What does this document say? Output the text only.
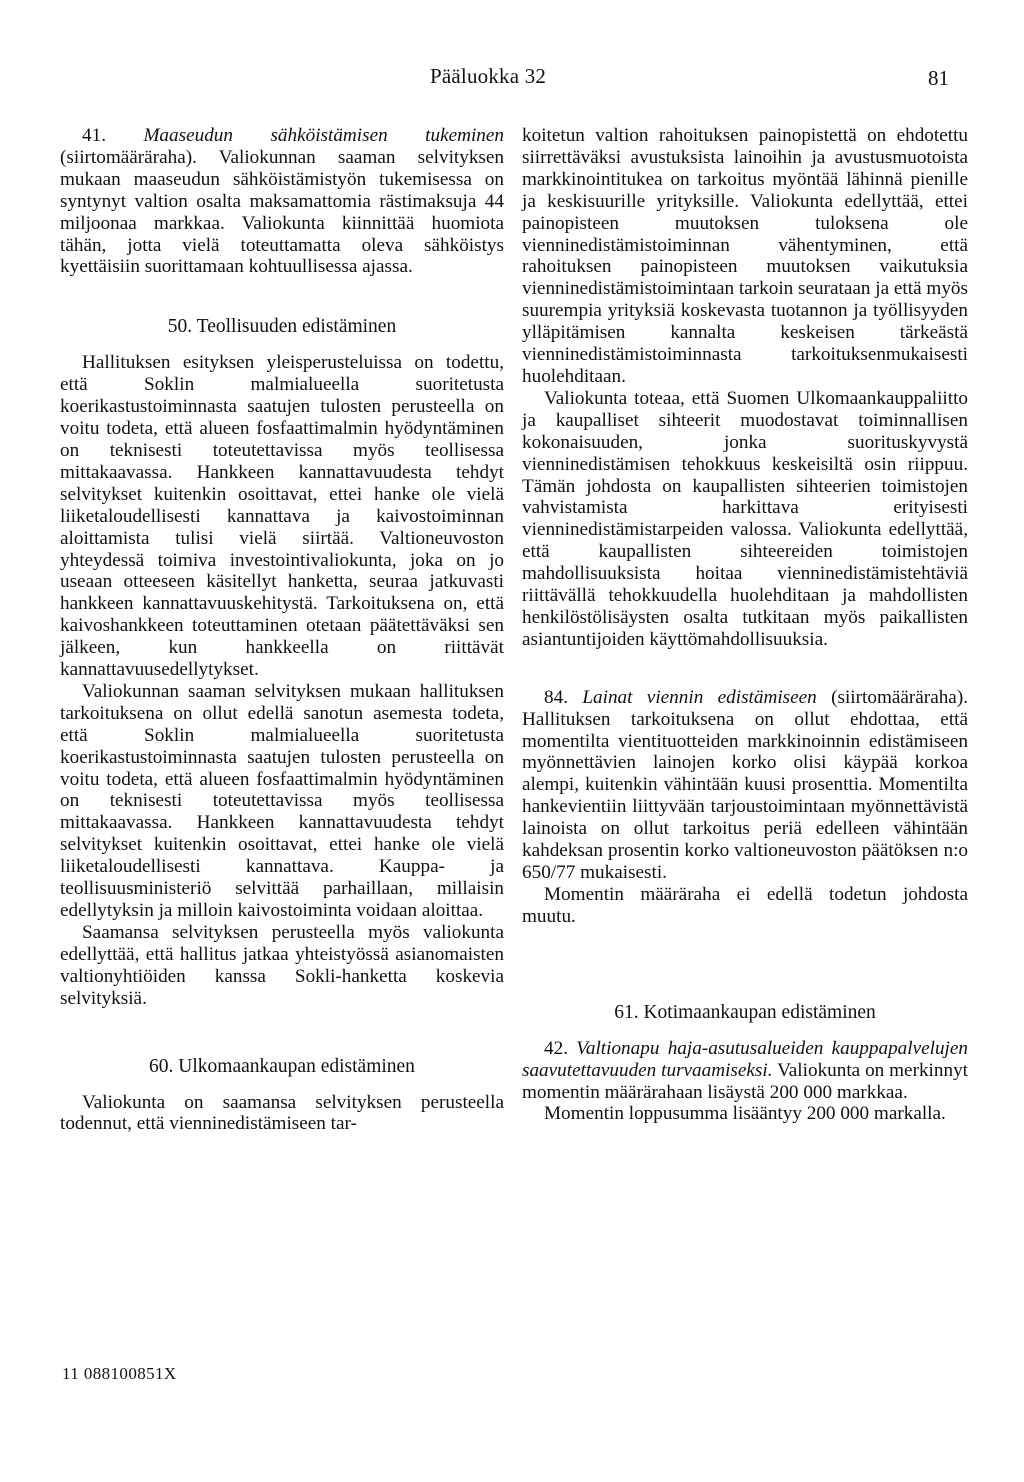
Pääluokka 32	81

41. Maaseudun sähköistämisen tukeminen (siirtomääräraha). Valiokunnan saaman selvityksen mukaan maaseudun sähköistämistyön tukemisessa on syntynyt valtion osalta maksamattomia rästimaksuja 44 miljoonaa markkaa. Valiokunta kiinnittää huomiota tähän, jotta vielä toteuttamatta oleva sähköistys kyettäisiin suorittamaan kohtuullisessa ajassa.

50. Teollisuuden edistäminen

Hallituksen esityksen yleisperusteluissa on todettu, että Soklin malmialueella suoritetusta koerikastustoiminnasta saatujen tulosten perusteella on voitu todeta, että alueen fosfaattimalmin hyödyntäminen on teknisesti toteutettavissa myös teollisessa mittakaavassa. Hankkeen kannattavuudesta tehdyt selvitykset kuitenkin osoittavat, ettei hanke ole vielä liiketaloudellisesti kannattava ja kaivostoiminnan aloittamista tulisi vielä siirtää. Valtioneuvoston yhteydessä toimiva investointivaliokunta, joka on jo useaan otteeseen käsitellyt hanketta, seuraa jatkuvasti hankkeen kannattavuuskehitystä. Tarkoituksena on, että kaivoshankkeen toteuttaminen otetaan päätettäväksi sen jälkeen, kun hankkeella on riittävät kannattavuusedellytykset.

Valiokunnan saaman selvityksen mukaan hallituksen tarkoituksena on ollut edellä sanotun asemesta todeta, että Soklin malmialueella suoritetusta koerikastustoiminnasta saatujen tulosten perusteella on voitu todeta, että alueen fosfaattimalmin hyödyntäminen on teknisesti toteutettavissa myös teollisessa mittakaavassa. Hankkeen kannattavuudesta tehdyt selvitykset kuitenkin osoittavat, ettei hanke ole vielä liiketaloudellisesti kannattava. Kauppa- ja teollisuusministeriö selvittää parhaillaan, millaisin edellytyksin ja milloin kaivostoiminta voidaan aloittaa.

Saamansa selvityksen perusteella myös valiokunta edellyttää, että hallitus jatkaa yhteistyössä asianomaisten valtionyhtiöiden kanssa Sokli-hanketta koskevia selvityksiä.

60. Ulkomaankaupan edistäminen

Valiokunta on saamansa selvityksen perusteella todennut, että vienninedistämiseen tar-

koitetun valtion rahoituksen painopistettä on ehdotettu siirrettäväksi avustuksista lainoihin ja avustusmuotoista markkinointitukea on tarkoitus myöntää lähinnä pienille ja keskisuurille yrityksille. Valiokunta edellyttää, ettei painopisteen muutoksen tuloksena ole vienninedistämistoiminnan vähentyminen, että rahoituksen painopisteen muutoksen vaikutuksia vienninedistämistoimintaan tarkoin seurataan ja että myös suurempia yrityksiä koskevasta tuotannon ja työllisyyden ylläpitämisen kannalta keskeisen tärkeästä vienninedistämistoiminnasta tarkoituksenmukaisesti huolehditaan.

Valiokunta toteaa, että Suomen Ulkomaankauppaliitto ja kaupalliset sihteerit muodostavat toiminnallisen kokonaisuuden, jonka suorituskyvystä vienninedistämisen tehokkuus keskeisiltä osin riippuu. Tämän johdosta on kaupallisten sihteerien toimistojen vahvistamista harkittava erityisesti vienninedistämistarpeiden valossa. Valiokunta edellyttää, että kaupallisten sihteereiden toimistojen mahdollisuuksista hoitaa vienninedistämistehtäviä riittävällä tehokkuudella huolehditaan ja mahdollisten henkilöstölisäysten osalta tutkitaan myös paikallisten asiantuntijoiden käyttömahdollisuuksia.

84. Lainat viennin edistämiseen (siirtomääräraha). Hallituksen tarkoituksena on ollut ehdottaa, että momentilta vientituotteiden markkinoinnin edistämiseen myönnettävien lainojen korko olisi käypää korkoa alempi, kuitenkin vähintään kuusi prosenttia. Momentilta hankevientiin liittyvään tarjoustoimintaan myönnettävistä lainoista on ollut tarkoitus periä edelleen vähintään kahdeksan prosentin korko valtioneuvoston päätöksen n:o 650/77 mukaisesti.

Momentin määräraha ei edellä todetun johdosta muutu.

61. Kotimaankaupan edistäminen

42. Valtionapu haja-asutusalueiden kauppapalvelujen saavutettavuuden turvaamiseksi. Valiokunta on merkinnyt momentin määrärahaan lisäystä 200 000 markkaa.

Momentin loppusumma lisääntyy 200 000 markalla.

11 088100851X
